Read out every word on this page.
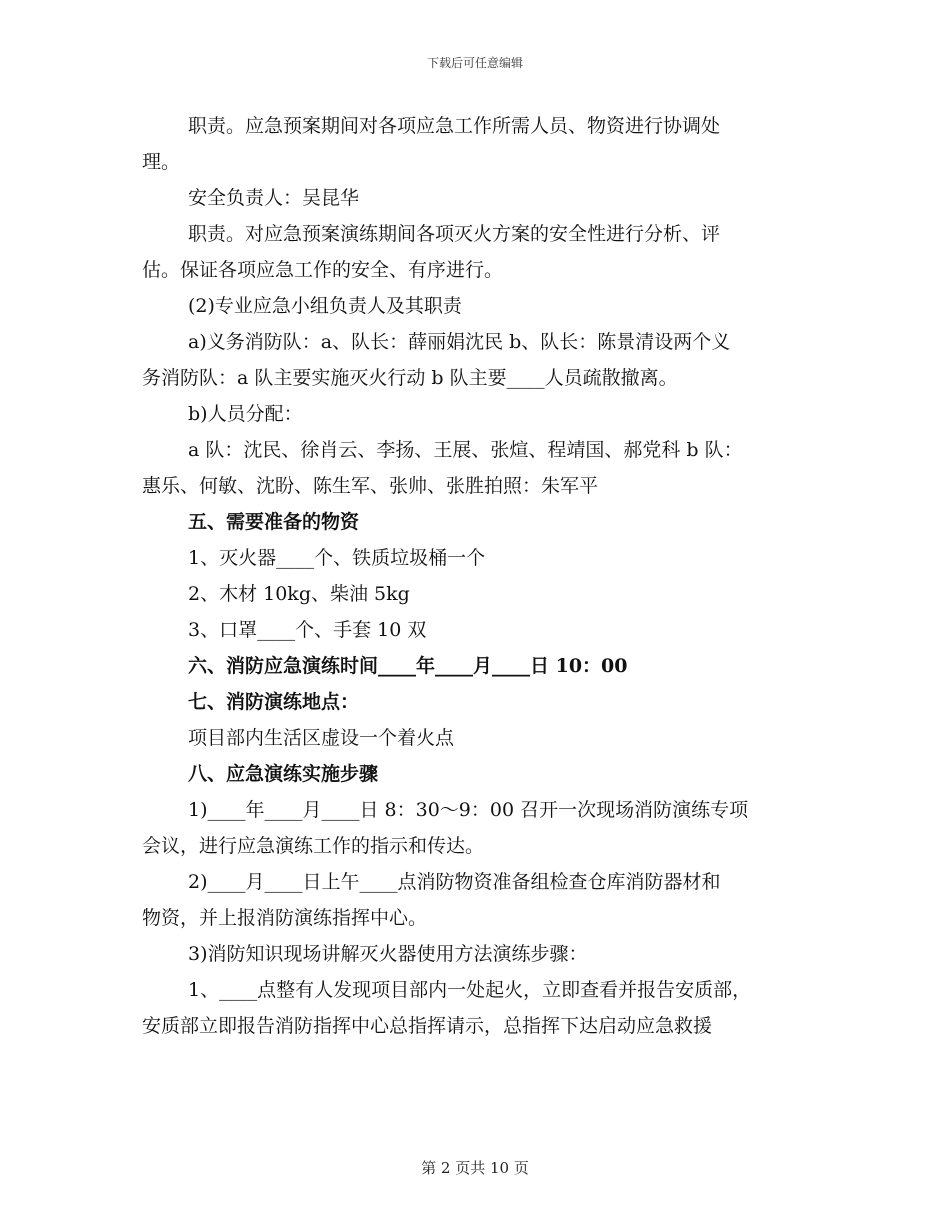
下载后可任意编辑

职责。应急预案期间对各项应急工作所需人员、物资进行协调处

理。

安全负责人：吴昆华

职责。对应急预案演练期间各项灭火方案的安全性进行分析、评

估。保证各项应急工作的安全、有序进行。

(2)专业应急小组负责人及其职责

a)义务消防队：a、队长：薛丽娟沈民 b、队长：陈景清设两个义

务消防队：a 队主要实施灭火行动 b 队主要____人员疏散撤离。

b)人员分配：

a 队：沈民、徐肖云、李扬、王展、张煊、程靖国、郝党科 b 队：

惠乐、何敏、沈盼、陈生军、张帅、张胜拍照：朱军平

五、需要准备的物资

1、灭火器____个、铁质垃圾桶一个

2、木材 10kg、柴油 5kg

3、口罩____个、手套 10 双

六、消防应急演练时间____年____月____日 10：00

七、消防演练地点：

项目部内生活区虚设一个着火点

八、应急演练实施步骤

1)____年____月____日 8：30～9：00 召开一次现场消防演练专项

会议，进行应急演练工作的指示和传达。

2)____月____日上午____点消防物资准备组检查仓库消防器材和

物资，并上报消防演练指挥中心。

3)消防知识现场讲解灭火器使用方法演练步骤：

1、____点整有人发现项目部内一处起火，立即查看并报告安质部，

安质部立即报告消防指挥中心总指挥请示，总指挥下达启动应急救援

第 2 页共 10 页
